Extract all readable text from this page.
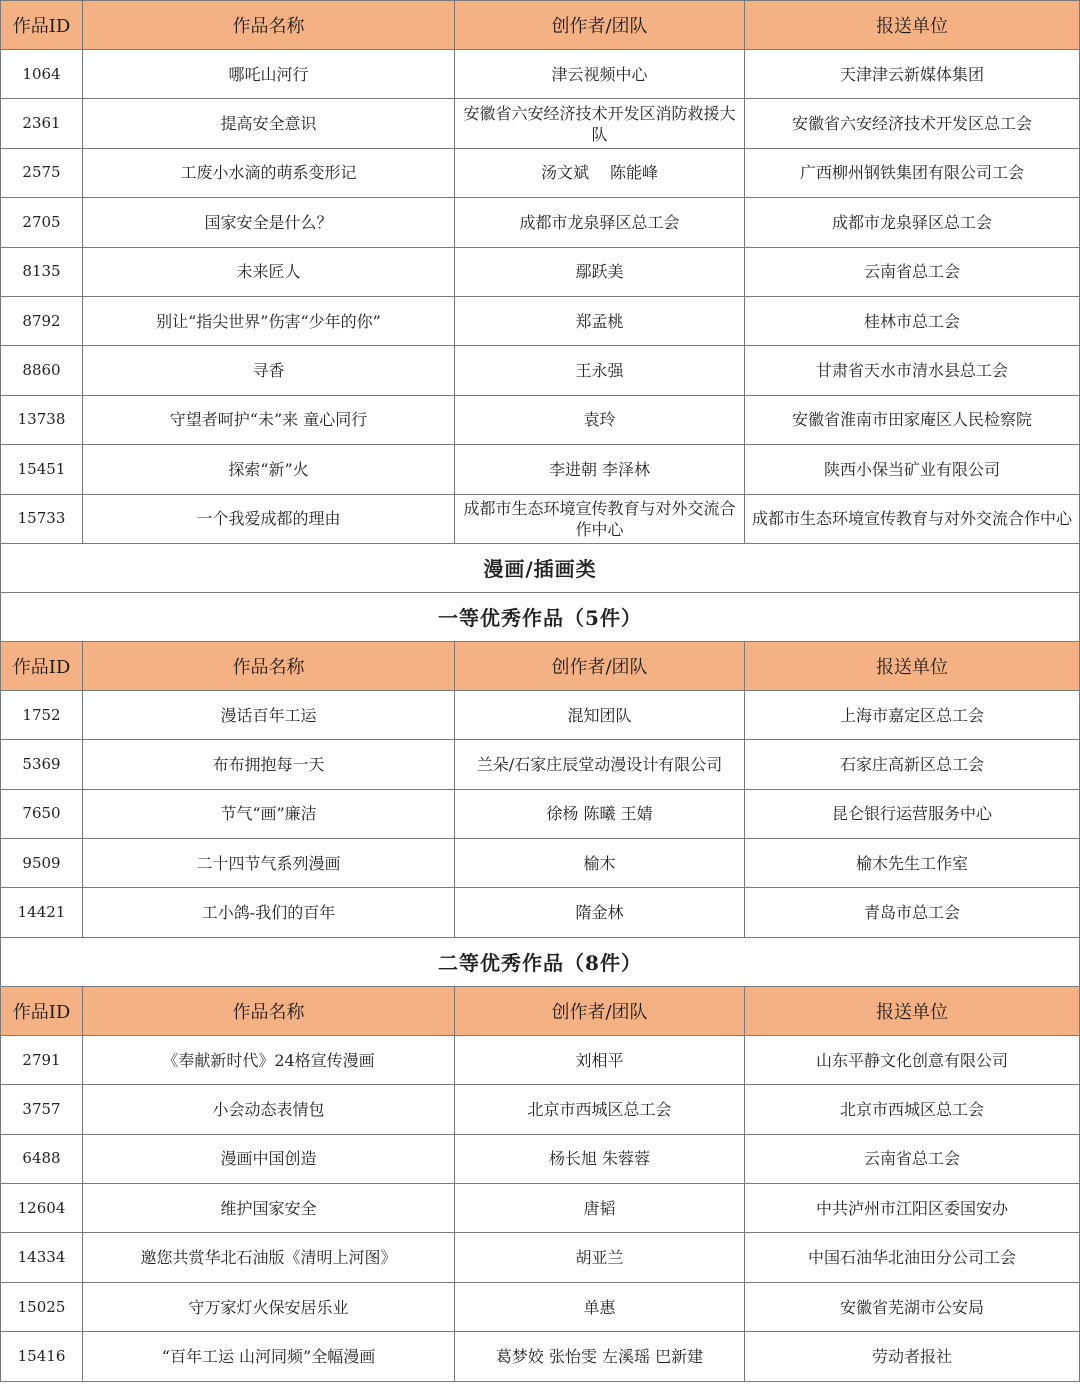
作品ID	作品名称	创作者/团队	报送单位
1064	哪吒山河行	津云视频中心	天津津云新媒体集团
2361	提高安全意识	安徽省六安经济技术开发区消防救援大队	安徽省六安经济技术开发区总工会
2575	工废小水滴的萌系变形记	汤文斌　 陈能峰	广西柳州钢铁集团有限公司工会
2705	国家安全是什么？	成都市龙泉驿区总工会	成都市龙泉驿区总工会
8135	未来匠人	鄢跃美	云南省总工会
8792	别让“指尖世界”伤害“少年的你”	郑孟桃	桂林市总工会
8860	寻香	王永强	甘肃省天水市清水县总工会
13738	守望者呵护“未”来 童心同行	袁玲	安徽省淮南市田家庵区人民检察院
15451	探索“新”火	李进朝 李泽林	陕西小保当矿业有限公司
15733	一个我爱成都的理由	成都市生态环境宣传教育与对外交流合作中心	成都市生态环境宣传教育与对外交流合作中心
漫画/插画类			
一等优秀作品（5件）			
作品ID	作品名称	创作者/团队	报送单位
1752	漫话百年工运	混知团队	上海市嘉定区总工会
5369	布布拥抱每一天	兰朵/石家庄辰堂动漫设计有限公司	石家庄高新区总工会
7650	节气“画”廉洁	徐杨 陈曦 王婧	昆仑银行运营服务中心
9509	二十四节气系列漫画	榆木	榆木先生工作室
14421	工小鸽-我们的百年	隋金林	青岛市总工会
二等优秀作品（8件）			
作品ID	作品名称	创作者/团队	报送单位
2791	《奉献新时代》24格宣传漫画	刘相平	山东平静文化创意有限公司
3757	小会动态表情包	北京市西城区总工会	北京市西城区总工会
6488	漫画中国创造	杨长旭 朱蓉蓉	云南省总工会
12604	维护国家安全	唐韬	中共泸州市江阳区委国安办
14334	邀您共赏华北石油版《清明上河图》	胡亚兰	中国石油华北油田分公司工会
15025	守万家灯火保安居乐业	单惠	安徽省芜湖市公安局
15416	“百年工运 山河同频”全幅漫画	葛梦姣 张怡雯 左溪瑶 巴新建	劳动者报社
